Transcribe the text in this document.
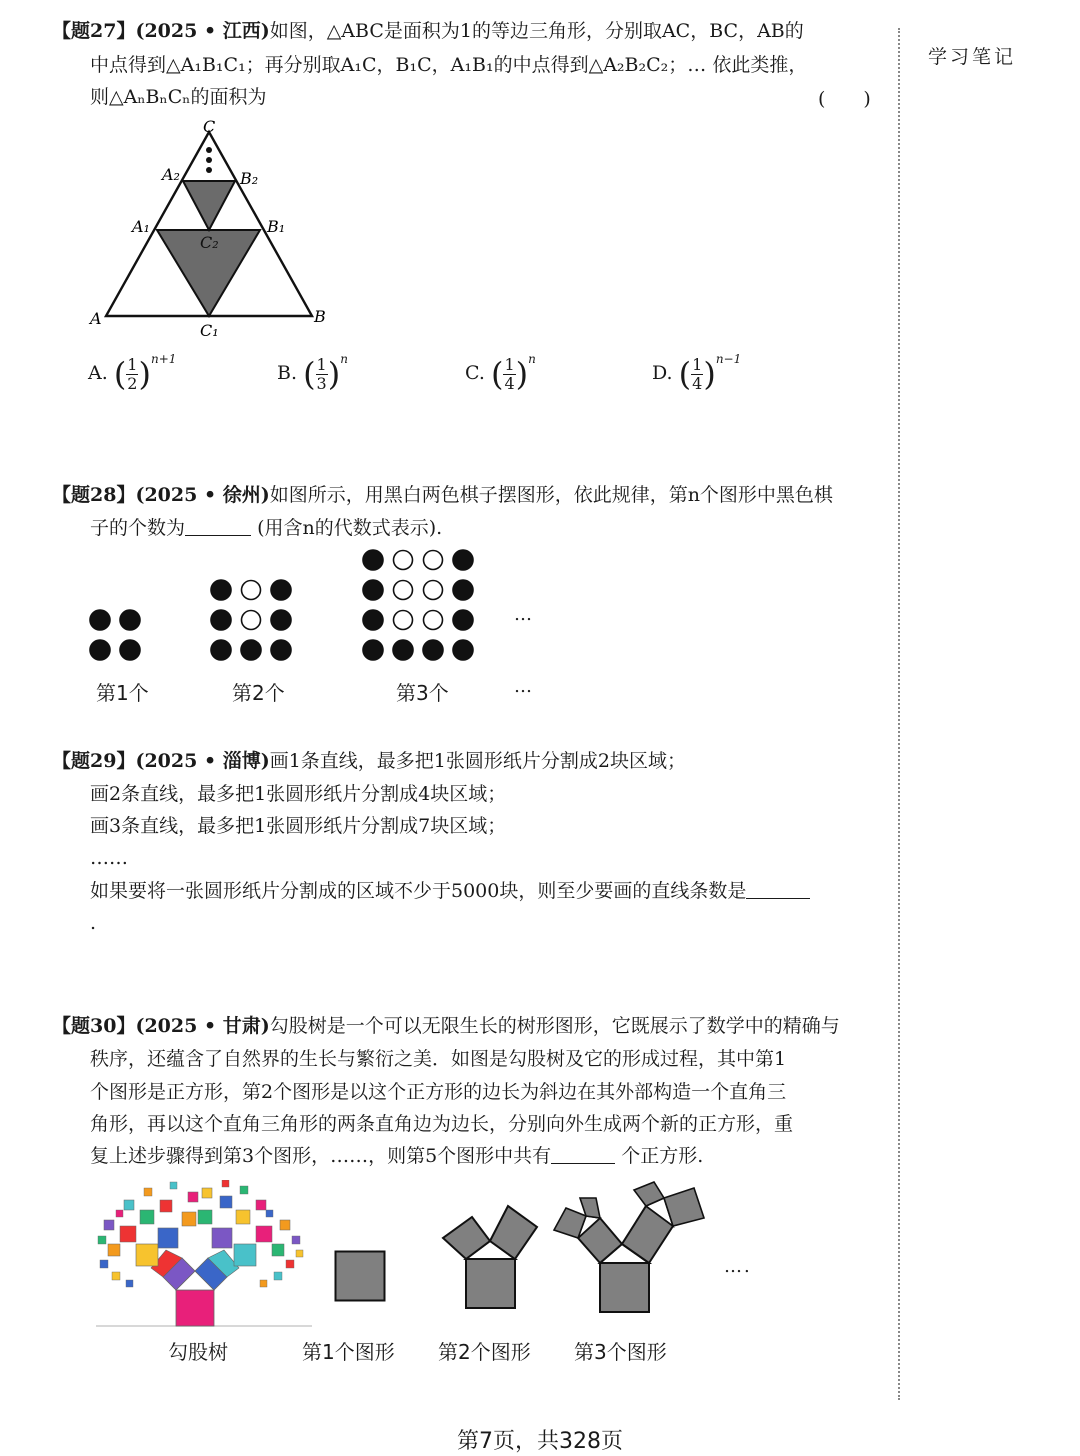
学习笔记
【题27】(2025 • 江西)如图，△ABC是面积为1的等边三角形，分别取AC，BC，AB的
中点得到△A₁B₁C₁；再分别取A₁C，B₁C，A₁B₁的中点得到△A₂B₂C₂；… 依此类推，
则△AₙBₙCₙ的面积为	(　　)
C
A₂	B₂
A₁	B₁
C₂
A	B
C₁
A. ( $\frac{1}{2} )^{n+1}$
B. ( $\frac{1}{3} )^n$
C. ( $\frac{1}{4} )^n$
D. ( $\frac{1}{4} )^{n-1}$
【题28】(2025 • 徐州)如图所示，用黑白两色棋子摆图形，依此规律，第n个图形中黑色棋
子的个数为	(用含n的代数式表示).
…
第1个	第2个	第3个	…
【题29】(2025 • 淄博)画1条直线，最多把1张圆形纸片分割成2块区域；
画2条直线，最多把1张圆形纸片分割成4块区域；
画3条直线，最多把1张圆形纸片分割成7块区域；
……
如果要将一张圆形纸片分割成的区域不少于5000块，则至少要画的直线条数是
.
【题30】(2025 • 甘肃)勾股树是一个可以无限生长的树形图形，它既展示了数学中的精确与
秩序，还蕴含了自然界的生长与繁衍之美．如图是勾股树及它的形成过程，其中第1
个图形是正方形，第2个图形是以这个正方形的边长为斜边在其外部构造一个直角三
角形，再以这个直角三角形的两条直角边为边长，分别向外生成两个新的正方形，重
复上述步骤得到第3个图形，……，则第5个图形中共有	个正方形.
….
勾股树	第1个图形 第2个图形 第3个图形
第7页，共328页
